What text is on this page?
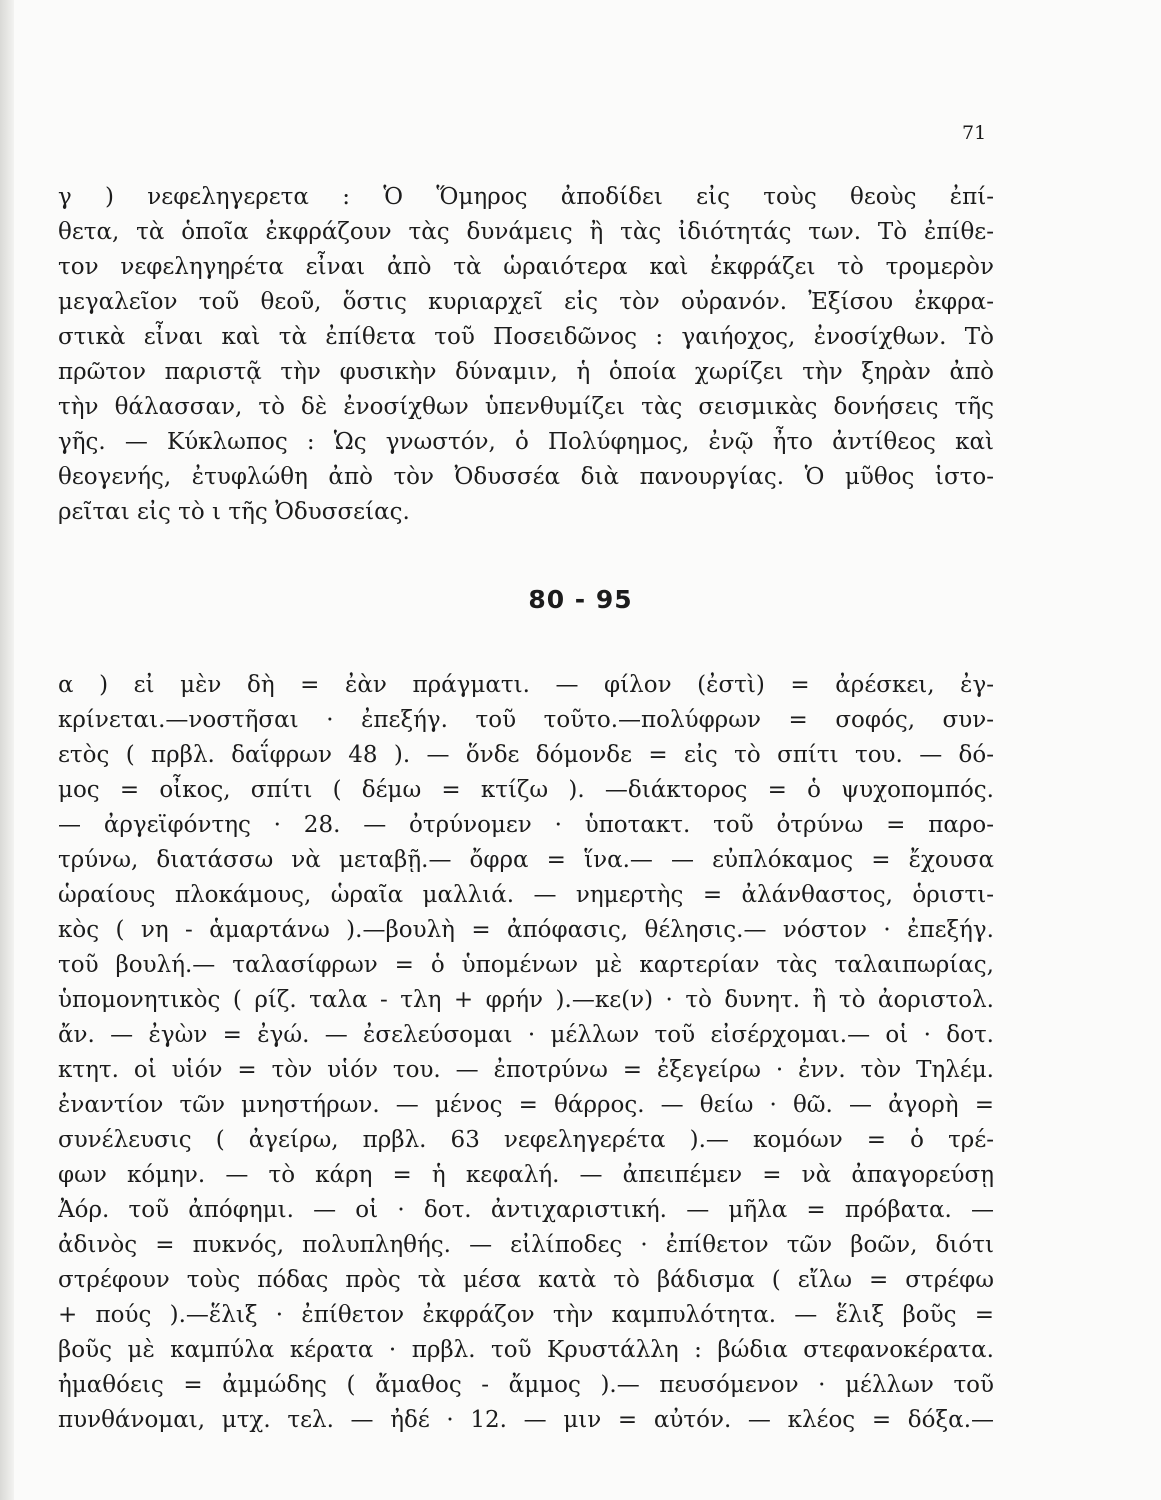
71
γ ) νεφεληγερετα : Ὁ Ὅμηρος ἀποδίδει εἰς τοὺς θεοὺς ἐπί-
θετα, τὰ ὁποῖα ἐκφράζουν τὰς δυνάμεις ἢ τὰς ἰδιότητάς των. Τὸ ἐπίθε-
τον νεφεληγηρέτα εἶναι ἀπὸ τὰ ὡραιότερα καὶ ἐκφράζει τὸ τρομερὸν
μεγαλεῖον τοῦ θεοῦ, ὅστις κυριαρχεῖ εἰς τὸν οὐρανόν. Ἐξίσου ἐκφρα-
στικὰ εἶναι καὶ τὰ ἐπίθετα τοῦ Ποσειδῶνος : γαιήοχος, ἐνοσίχθων. Τὸ
πρῶτον παριστᾷ τὴν φυσικὴν δύναμιν, ἡ ὁποία χωρίζει τὴν ξηρὰν ἀπὸ
τὴν θάλασσαν, τὸ δὲ ἐνοσίχθων ὑπενθυμίζει τὰς σεισμικὰς δονήσεις τῆς
γῆς. — Κύκλωπος : Ὡς γνωστόν, ὁ Πολύφημος, ἐνῷ ἦτο ἀντίθεος καὶ
θεογενής, ἐτυφλώθη ἀπὸ τὸν Ὀδυσσέα διὰ πανουργίας. Ὁ μῦθος ἱστο-
ρεῖται εἰς τὸ ι τῆς Ὀδυσσείας.
80 - 95
α ) εἰ μὲν δὴ = ἐὰν πράγματι. — φίλον (ἐστὶ) = ἀρέσκει, ἐγ-
κρίνεται.—νοστῆσαι · ἐπεξήγ. τοῦ τοῦτο.—πολύφρων = σοφός, συν-
ετὸς ( πρβλ. δαΐφρων 48 ). — ὅνδε δόμονδε = εἰς τὸ σπίτι του. — δό-
μος = οἶκος, σπίτι ( δέμω = κτίζω ). —διάκτορος = ὁ ψυχοπομπός.
— ἀργεϊφόντης · 28. — ὀτρύνομεν · ὑποτακτ. τοῦ ὀτρύνω = παρο-
τρύνω, διατάσσω νὰ μεταβῇ.— ὄφρα = ἵνα.— — εὐπλόκαμος = ἔχουσα
ὡραίους πλοκάμους, ὡραῖα μαλλιά. — νημερτὴς = ἀλάνθαστος, ὁριστι-
κὸς ( νη - ἁμαρτάνω ).—βουλὴ = ἀπόφασις, θέλησις.— νόστον · ἐπεξήγ.
τοῦ βουλή.— ταλασίφρων = ὁ ὑπομένων μὲ καρτερίαν τὰς ταλαιπωρίας,
ὑπομονητικὸς ( ρίζ. ταλα - τλη + φρήν ).—κε(ν) · τὸ δυνητ. ἢ τὸ ἀοριστολ.
ἄν. — ἐγὼν = ἐγώ. — ἐσελεύσομαι · μέλλων τοῦ εἰσέρχομαι.— οἱ · δοτ.
κτητ. οἱ υἱόν = τὸν υἱόν του. — ἐποτρύνω = ἐξεγείρω · ἐνν. τὸν Τηλέμ.
ἐναντίον τῶν μνηστήρων. — μένος = θάρρος. — θείω · θῶ. — ἀγορὴ =
συνέλευσις ( ἀγείρω, πρβλ. 63 νεφεληγερέτα ).— κομόων = ὁ τρέ-
φων κόμην. — τὸ κάρη = ἡ κεφαλή. — ἀπειπέμεν = νὰ ἀπαγορεύσῃ
Ἀόρ. τοῦ ἀπόφημι. — οἱ · δοτ. ἀντιχαριστική. — μῆλα = πρόβατα. —
ἀδινὸς = πυκνός, πολυπληθής. — εἰλίποδες · ἐπίθετον τῶν βοῶν, διότι
στρέφουν τοὺς πόδας πρὸς τὰ μέσα κατὰ τὸ βάδισμα ( εἴλω = στρέφω
+ πούς ).—ἕλιξ · ἐπίθετον ἐκφράζον τὴν καμπυλότητα. — ἕλιξ βοῦς =
βοῦς μὲ καμπύλα κέρατα · πρβλ. τοῦ Κρυστάλλη : βώδια στεφανοκέρατα.
ἠμαθόεις = ἀμμώδης ( ἄμαθος - ἄμμος ).— πευσόμενον · μέλλων τοῦ
πυνθάνομαι, μτχ. τελ. — ἠδέ · 12. — μιν = αὐτόν. — κλέος = δόξα.—
